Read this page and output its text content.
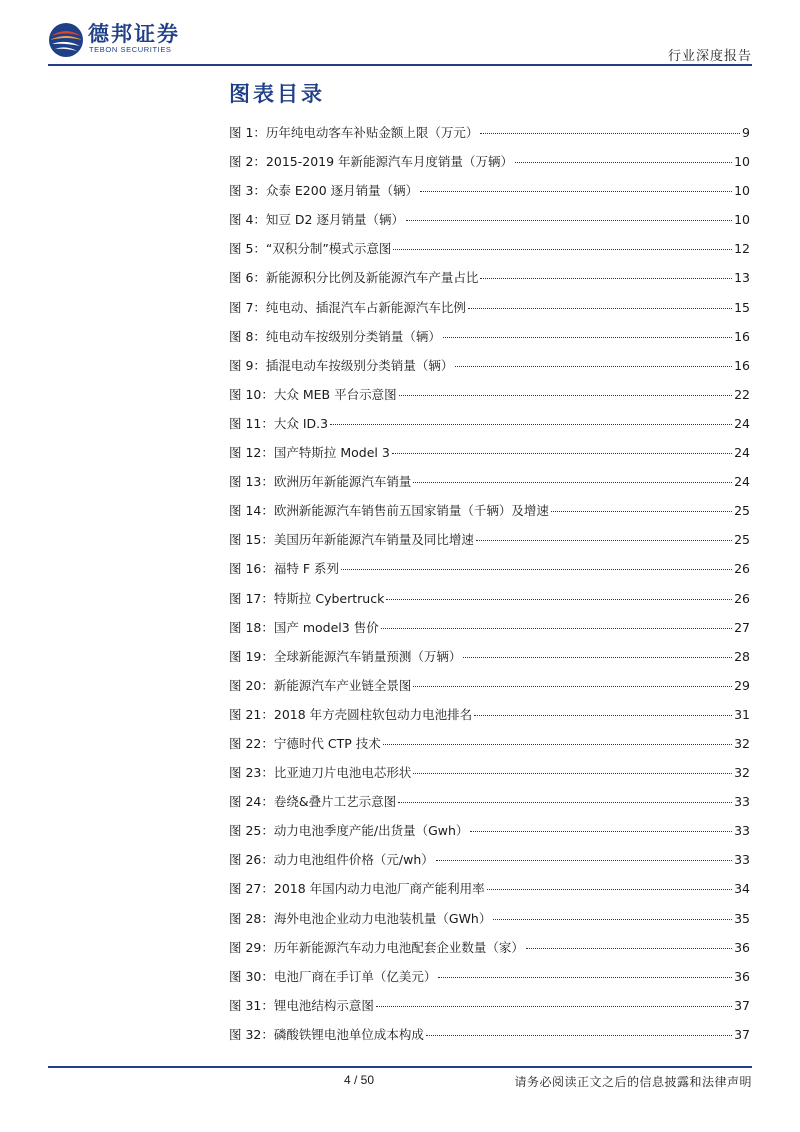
德邦证券
TEBON SECURITIES	行业深度报告
图表目录
图 1：历年纯电动客车补贴金额上限（万元）	9
图 2：2015-2019 年新能源汽车月度销量（万辆）	10
图 3：众泰 E200 逐月销量（辆）	10
图 4：知豆 D2 逐月销量（辆）	10
图 5：“双积分制”模式示意图	12
图 6：新能源积分比例及新能源汽车产量占比	13
图 7：纯电动、插混汽车占新能源汽车比例	15
图 8：纯电动车按级别分类销量（辆）	16
图 9：插混电动车按级别分类销量（辆）	16
图 10：大众 MEB 平台示意图	22
图 11：大众 ID.3	24
图 12：国产特斯拉 Model 3	24
图 13：欧洲历年新能源汽车销量	24
图 14：欧洲新能源汽车销售前五国家销量（千辆）及增速	25
图 15：美国历年新能源汽车销量及同比增速	25
图 16：福特 F 系列	26
图 17：特斯拉 Cybertruck	26
图 18：国产 model3 售价	27
图 19：全球新能源汽车销量预测（万辆）	28
图 20：新能源汽车产业链全景图	29
图 21：2018 年方壳圆柱软包动力电池排名	31
图 22：宁德时代 CTP 技术	32
图 23：比亚迪刀片电池电芯形状	32
图 24：卷绕&叠片工艺示意图	33
图 25：动力电池季度产能/出货量（Gwh）	33
图 26：动力电池组件价格（元/wh）	33
图 27：2018 年国内动力电池厂商产能利用率	34
图 28：海外电池企业动力电池装机量（GWh）	35
图 29：历年新能源汽车动力电池配套企业数量（家）	36
图 30：电池厂商在手订单（亿美元）	36
图 31：锂电池结构示意图	37
图 32：磷酸铁锂电池单位成本构成	37
4 / 50	请务必阅读正文之后的信息披露和法律声明
